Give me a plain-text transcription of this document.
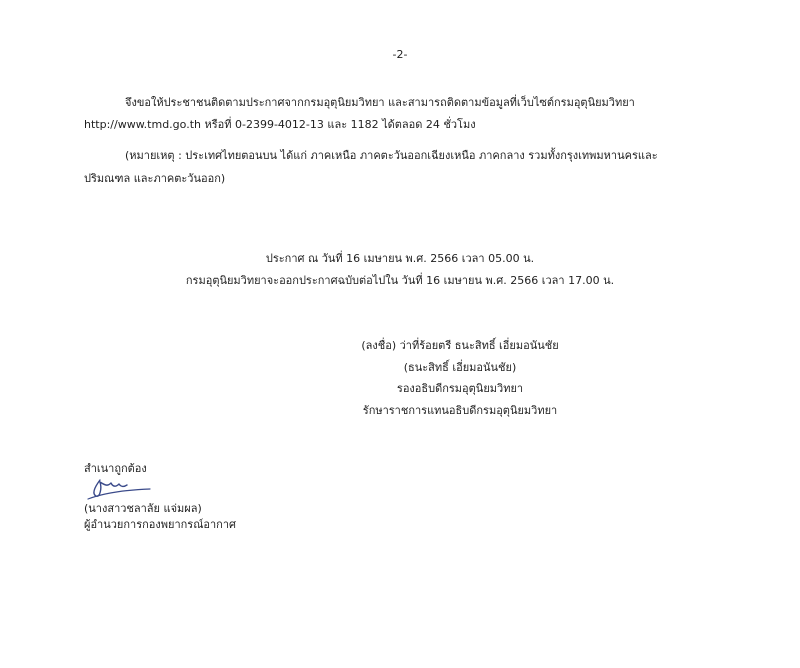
-2-
จึงขอให้ประชาชนติดตามประกาศจากกรมอุตุนิยมวิทยา และสามารถติดตามข้อมูลที่เว็บไซต์กรมอุตุนิยมวิทยา
http://www.tmd.go.th หรือที่ 0-2399-4012-13 และ 1182 ได้ตลอด 24 ชั่วโมง
(หมายเหตุ : ประเทศไทยตอนบน ได้แก่ ภาคเหนือ ภาคตะวันออกเฉียงเหนือ ภาคกลาง รวมทั้งกรุงเทพมหานครและ
ปริมณฑล และภาคตะวันออก)
ประกาศ ณ วันที่ 16 เมษายน พ.ศ. 2566 เวลา 05.00 น.
กรมอุตุนิยมวิทยาจะออกประกาศฉบับต่อไปใน วันที่ 16 เมษายน พ.ศ. 2566 เวลา 17.00 น.
(ลงชื่อ) ว่าที่ร้อยตรี ธนะสิทธิ์ เอี่ยมอนันชัย
(ธนะสิทธิ์ เอี่ยมอนันชัย)
รองอธิบดีกรมอุตุนิยมวิทยา
รักษาราชการแทนอธิบดีกรมอุตุนิยมวิทยา
สำเนาถูกต้อง
(นางสาวชลาลัย แจ่มผล)
ผู้อำนวยการกองพยากรณ์อากาศ
